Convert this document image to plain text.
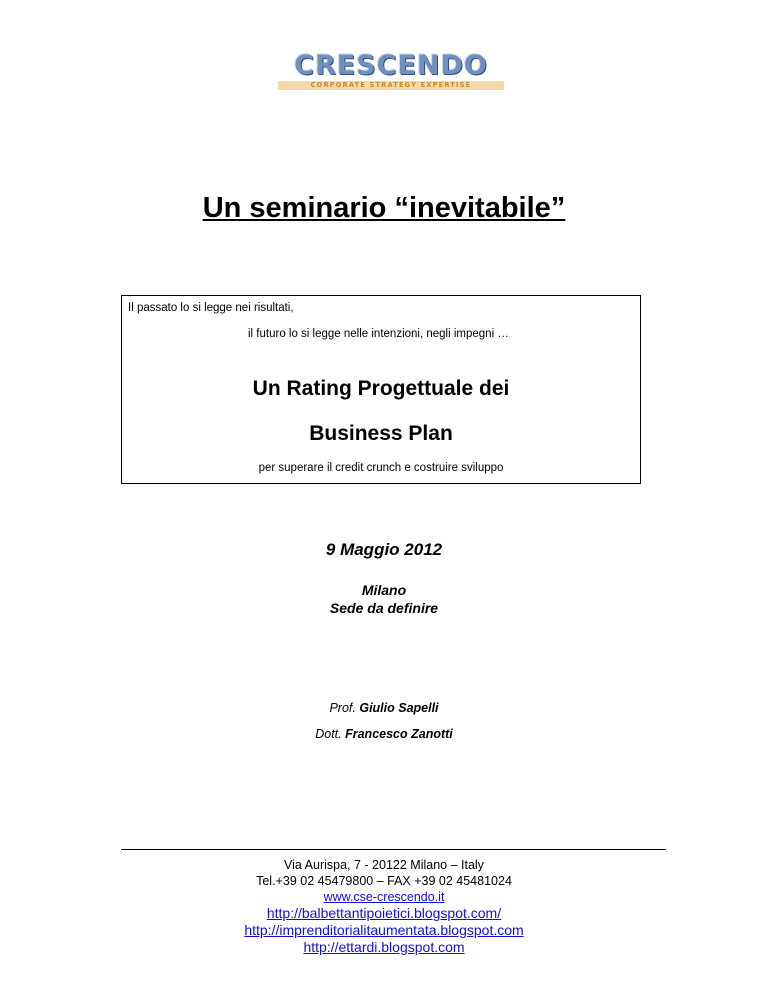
CRESCENDO
CORPORATE STRATEGY EXPERTISE
Un seminario “inevitabile”
Il passato lo si legge nei risultati,
il futuro lo si legge nelle intenzioni, negli impegni …
Un Rating Progettuale dei
Business Plan
per superare il credit crunch e costruire sviluppo
9 Maggio 2012
Milano
Sede da definire
Prof. Giulio Sapelli
Dott. Francesco Zanotti
Via Aurispa, 7 - 20122 Milano – Italy
Tel.+39 02 45479800 – FAX +39 02 45481024
www.cse-crescendo.it
http://balbettantipoietici.blogspot.com/
http://imprenditorialitaumentata.blogspot.com
http://ettardi.blogspot.com
